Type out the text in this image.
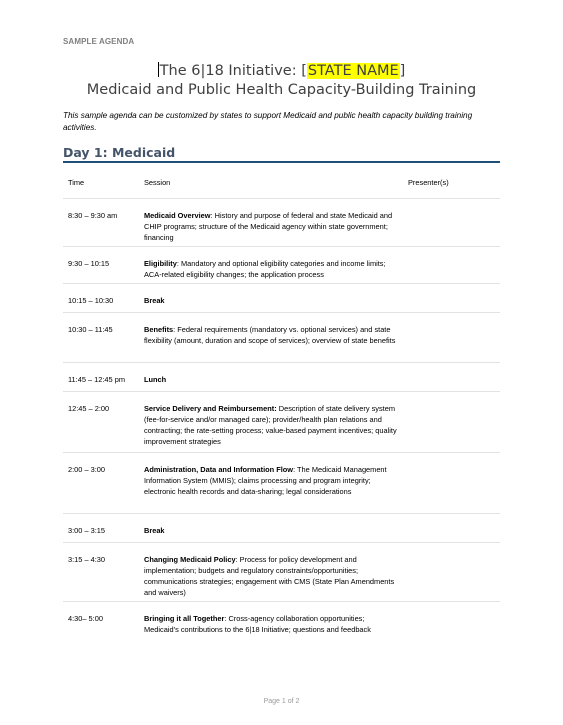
SAMPLE AGENDA
The 6|18 Initiative: [STATE NAME]
Medicaid and Public Health Capacity-Building Training
This sample agenda can be customized by states to support Medicaid and public health capacity building training activities.
Day 1: Medicaid
Time	Session	Presenter(s)
8:30 – 9:30 am	Medicaid Overview: History and purpose of federal and state Medicaid and CHIP programs; structure of the Medicaid agency within state government; financing
9:30 – 10:15	Eligibility: Mandatory and optional eligibility categories and income limits; ACA-related eligibility changes; the application process
10:15 – 10:30	Break
10:30 – 11:45	Benefits: Federal requirements (mandatory vs. optional services) and state flexibility (amount, duration and scope of services); overview of state benefits
11:45 – 12:45 pm	Lunch
12:45 – 2:00	Service Delivery and Reimbursement: Description of state delivery system (fee-for-service and/or managed care); provider/health plan relations and contracting; the rate-setting process; value-based payment incentives; quality improvement strategies
2:00 – 3:00	Administration, Data and Information Flow: The Medicaid Management Information System (MMIS); claims processing and program integrity; electronic health records and data-sharing; legal considerations
3:00 – 3:15	Break
3:15 – 4:30	Changing Medicaid Policy: Process for policy development and implementation; budgets and regulatory constraints/opportunities; communications strategies; engagement with CMS (State Plan Amendments and waivers)
4:30– 5:00	Bringing it all Together: Cross-agency collaboration opportunities; Medicaid’s contributions to the 6|18 Initiative; questions and feedback
Page 1 of 2
